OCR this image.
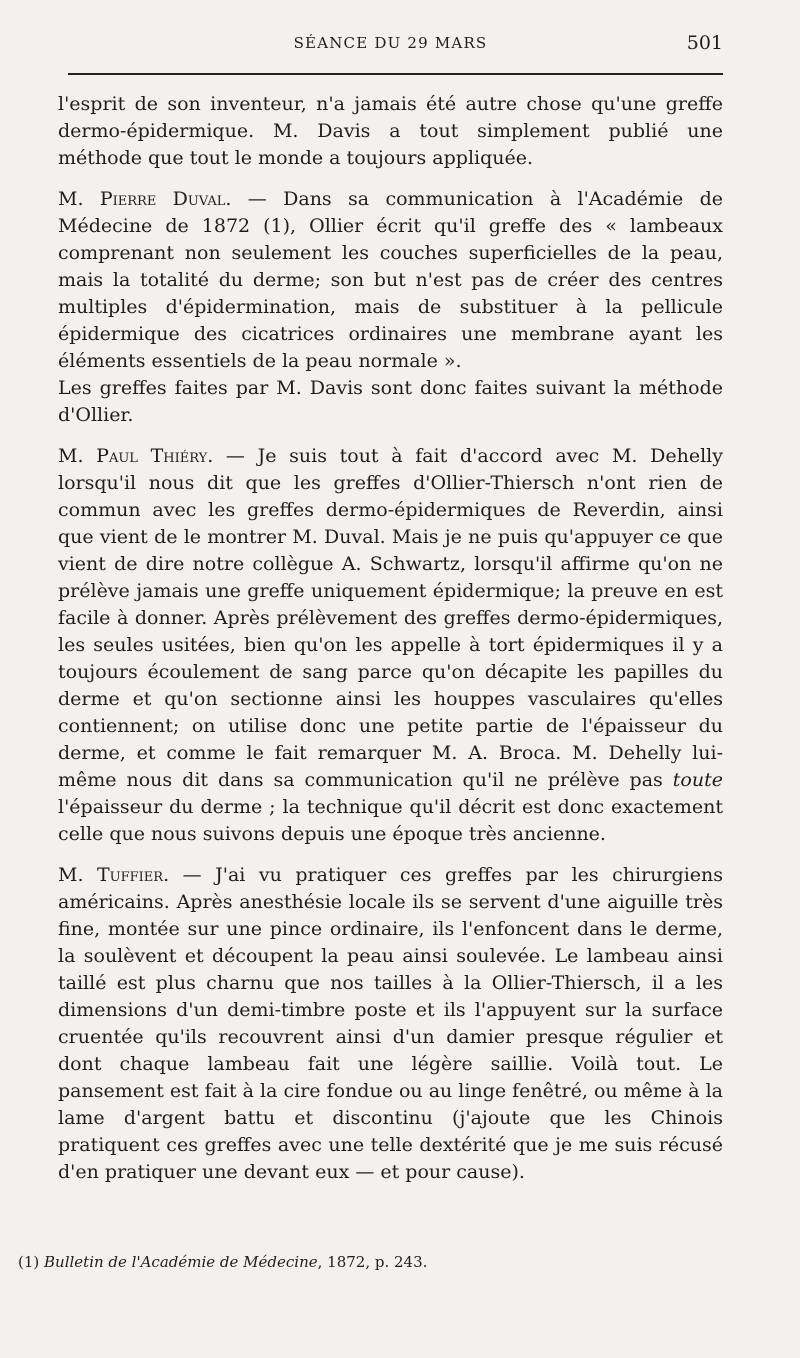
SÉANCE DU 29 MARS	501

l'esprit de son inventeur, n'a jamais été autre chose qu'une greffe dermo-épidermique. M. Davis a tout simplement publié une méthode que tout le monde a toujours appliquée.

M. Pierre Duval. — Dans sa communication à l'Académie de Médecine de 1872 (1), Ollier écrit qu'il greffe des « lambeaux comprenant non seulement les couches superficielles de la peau, mais la totalité du derme; son but n'est pas de créer des centres multiples d'épidermination, mais de substituer à la pellicule épidermique des cicatrices ordinaires une membrane ayant les éléments essentiels de la peau normale ».

Les greffes faites par M. Davis sont donc faites suivant la méthode d'Ollier.

M. Paul Thiéry. — Je suis tout à fait d'accord avec M. Dehelly lorsqu'il nous dit que les greffes d'Ollier-Thiersch n'ont rien de commun avec les greffes dermo-épidermiques de Reverdin, ainsi que vient de le montrer M. Duval. Mais je ne puis qu'appuyer ce que vient de dire notre collègue A. Schwartz, lorsqu'il affirme qu'on ne prélève jamais une greffe uniquement épidermique; la preuve en est facile à donner. Après prélèvement des greffes dermo-épidermiques, les seules usitées, bien qu'on les appelle à tort épidermiques il y a toujours écoulement de sang parce qu'on décapite les papilles du derme et qu'on sectionne ainsi les houppes vasculaires qu'elles contiennent; on utilise donc une petite partie de l'épaisseur du derme, et comme le fait remarquer M. A. Broca. M. Dehelly lui-même nous dit dans sa communication qu'il ne prélève pas toute l'épaisseur du derme ; la technique qu'il décrit est donc exactement celle que nous suivons depuis une époque très ancienne.

M. Tuffier. — J'ai vu pratiquer ces greffes par les chirurgiens américains. Après anesthésie locale ils se servent d'une aiguille très fine, montée sur une pince ordinaire, ils l'enfoncent dans le derme, la soulèvent et découpent la peau ainsi soulevée. Le lambeau ainsi taillé est plus charnu que nos tailles à la Ollier-Thiersch, il a les dimensions d'un demi-timbre poste et ils l'appuyent sur la surface cruentée qu'ils recouvrent ainsi d'un damier presque régulier et dont chaque lambeau fait une légère saillie. Voilà tout. Le pansement est fait à la cire fondue ou au linge fenêtré, ou même à la lame d'argent battu et discontinu (j'ajoute que les Chinois pratiquent ces greffes avec une telle dextérité que je me suis récusé d'en pratiquer une devant eux — et pour cause).

(1) Bulletin de l'Académie de Médecine, 1872, p. 243.
